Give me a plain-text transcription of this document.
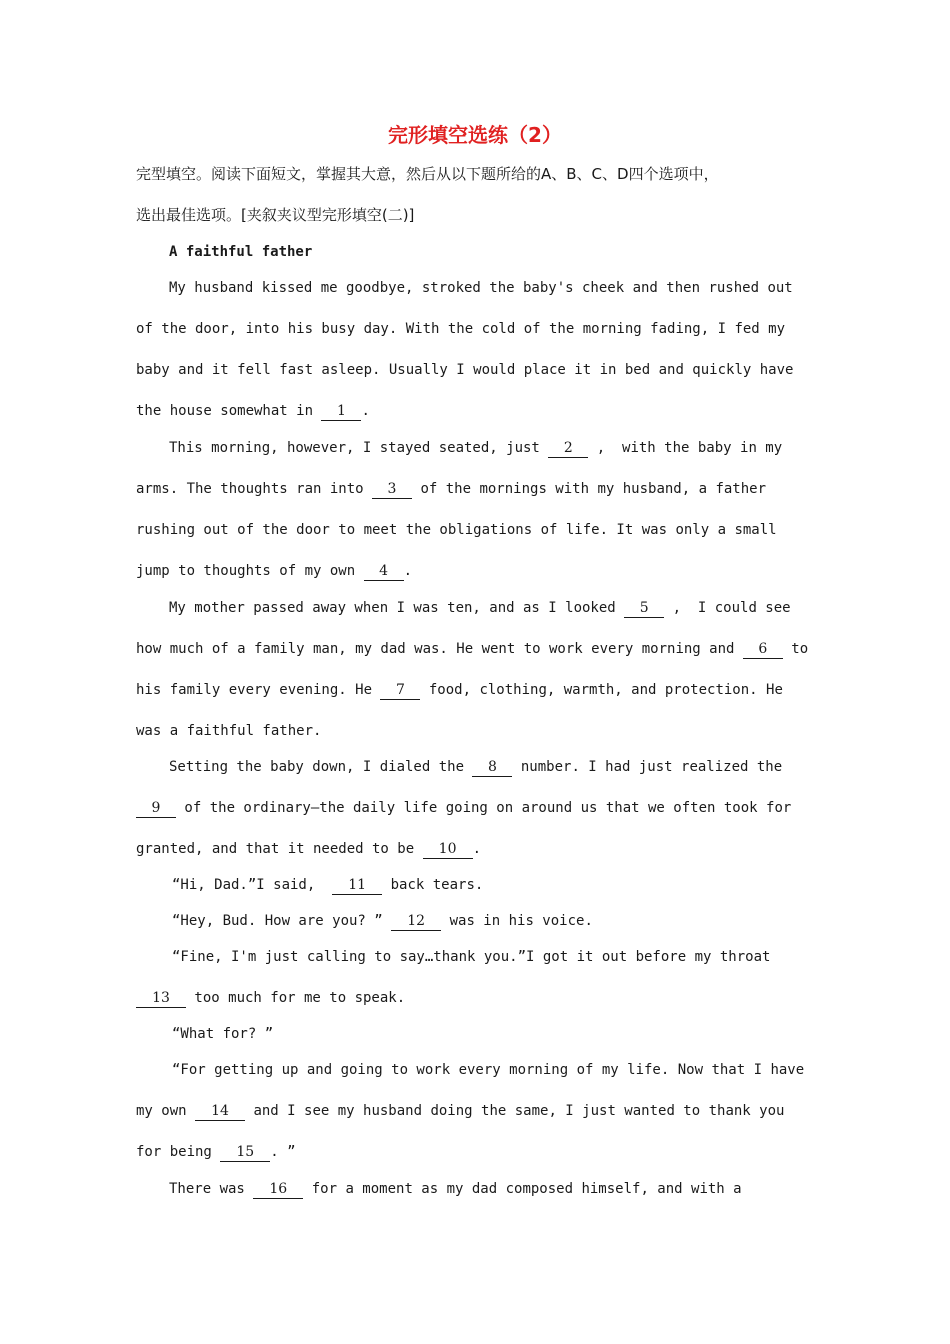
完形填空选练（2）
完型填空。阅读下面短文，掌握其大意，然后从以下题所给的A、B、C、D四个选项中，
选出最佳选项。[夹叙夹议型完形填空(二)]
A faithful father
My husband kissed me goodbye, stroked the baby's cheek and then rushed out
of the door, into his busy day. With the cold of the morning fading, I fed my
baby and it fell fast asleep. Usually I would place it in bed and quickly have
the house somewhat in 1 .
This morning, however, I stayed seated, just 2 ,  with the baby in my
arms. The thoughts ran into 3 of the mornings with my husband, a father
rushing out of the door to meet the obligations of life. It was only a small
jump to thoughts of my own 4 .
My mother passed away when I was ten, and as I looked 5 ,  I could see
how much of a family man, my dad was. He went to work every morning and 6 to
his family every evening. He 7 food, clothing, warmth, and protection. He
was a faithful father.
Setting the baby down, I dialed the 8 number. I had just realized the
9 of the ordinary—the daily life going on around us that we often took for
granted, and that it needed to be 10 .
“Hi, Dad.”I said,  11 back tears.
“Hey, Bud. How are you? ” 12 was in his voice.
“Fine, I'm just calling to say…thank you.”I got it out before my throat
13 too much for me to speak.
“What for? ”
“For getting up and going to work every morning of my life. Now that I have
my own 14 and I see my husband doing the same, I just wanted to thank you
for being 15 . ”
There was 16 for a moment as my dad composed himself, and with a
